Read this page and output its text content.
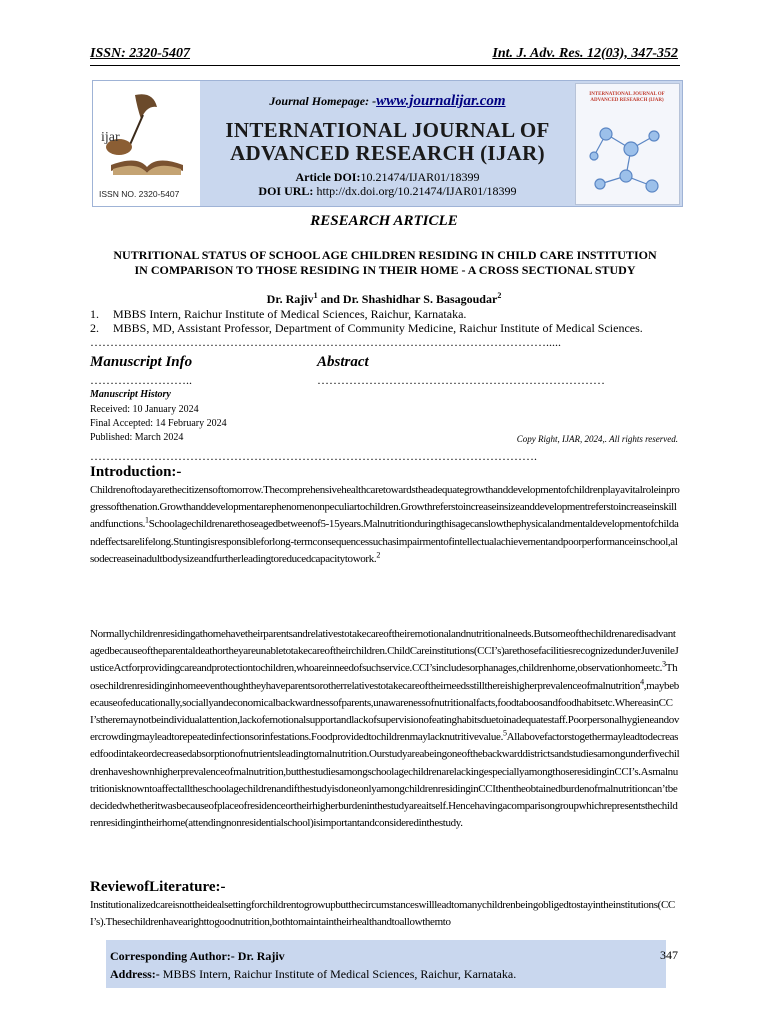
ISSN: 2320-5407	Int. J. Adv. Res. 12(03), 347-352
ijar
ISSN NO. 2320-5407
Journal Homepage: -www.journalijar.com
INTERNATIONAL JOURNAL OF
ADVANCED RESEARCH (IJAR)
Article DOI:10.21474/IJAR01/18399
DOI URL: http://dx.doi.org/10.21474/IJAR01/18399
INTERNATIONAL JOURNAL OF ADVANCED RESEARCH (IJAR)
RESEARCH ARTICLE
NUTRITIONAL STATUS OF SCHOOL AGE CHILDREN RESIDING IN CHILD CARE INSTITUTION
IN COMPARISON TO THOSE RESIDING IN THEIR HOME - A CROSS SECTIONAL STUDY
Dr. Rajiv$^1$ and Dr. Shashidhar S. Basagoudar$^2$
1. MBBS Intern, Raichur Institute of Medical Sciences, Raichur, Karnataka.
2. MBBS, MD, Assistant Professor, Department of Community Medicine, Raichur Institute of Medical Sciences.
…………………………………………………………………………………………………….....
Manuscript Info	Abstract
……………………..	………………………………………………………………
Manuscript History
Received: 10 January 2024
Final Accepted: 14 February 2024
Published: March 2024	Copy Right, IJAR, 2024,. All rights reserved.
………………………………………………………………………………………………….
Introduction:-
Childrenoftodayarethecitizensoftomorrow.Thecomprehensivehealthcaretowardstheadequategrowthanddevelopmentofchildrenplayavitalroleinprogressofthenation.Growthanddevelopmentarephenomenonpeculiartochildren.Growthreferstoincreaseinsizeanddevelopmentreferstoincreaseinskillandfunctions.$^1$Schoolagechildrenarethoseagedbetweenof5-15years.Malnutritionduringthisagecanslowthephysicalandmentaldevelopmentofchildandeffectsarelifelong.Stuntingisresponsibleforlong-termconsequencessuchasimpairmentofintellectualachievementandpoorperformanceinschool,alsodecreaseinadultbodysizeandfurtherleadingtoreducedcapacitytowork.$^2$
Normallychildrenresidingathomehavetheirparentsandrelativestotakecareoftheiremotionalandnutritionalneeds.Butsomeofthechildrenaredisadvantagedbecauseoftheparentaldeathortheyareunabletotakecareoftheirchildren.ChildCareinstitutions(CCI’s)arethosefacilitiesrecognizedunderJuvenileJusticeActforprovidingcareandprotectiontochildren,whoareinneedofsuchservice.CCI’sincludesorphanages,childrenhome,observationhomeetc.$^3$Thosechildrenresidinginhomeeventhoughtheyhaveparentsorotherrelativestotakecareoftheirneedsstillthereishigherprevalenceofmalnutrition$^4$,maybebecauseofeducationally,sociallyandeconomicalbackwardnessofparents,unawarenessofnutritionalfacts,foodtaboosandfoodhabitsetc.WhereasinCCI’stheremaynotbeindividualattention,lackofemotionalsupportandlackofsupervisionofeatinghabitsduetoinadequatestaff.Poorpersonalhygieneandovercrowdingmayleadtorepeatedinfectionsorinfestations.Foodprovidedtochildrenmaylacknutritivevalue.$^5$Allabovefactorstogethermayleadtodecreasedfoodintakeordecreasedabsorptionofnutrientsleadingtomalnutrition.Ourstudyareabeingoneofthebackwarddistrictsandstudiesamongunderfivechildrenhaveshownhigherprevalenceofmalnutrition,butthestudiesamongschoolagechildrenarelackingespeciallyamongthoseresidinginCCI’s.AsmalnutritionisknowntoaffectalltheschoolagechildrenandifthestudyisdoneonlyamongchildrenresidinginCCIthentheobtainedburdenofmalnutritioncan’tbedecidedwhetheritwasbecauseofplaceofresidenceortheirhigherburdeninthestudyareaitself.Hencehavingacomparisongroupwhichrepresentsthechildrenresidingintheirhome(attendingnonresidentialschool)isimportantandconsideredinthestudy.
ReviewofLiterature:-
Institutionalizedcareisnottheidealsettingforchildrentogrowupbutthecircumstanceswillleadtomanychildrenbeingobligedtostayintheinstitutions(CCI’s).Thesechildrenhavearighttogoodnutrition,bothtomaintaintheirhealthandtoallowthemto
Corresponding Author:- Dr. Rajiv
Address:- MBBS Intern, Raichur Institute of Medical Sciences, Raichur, Karnataka.
347
